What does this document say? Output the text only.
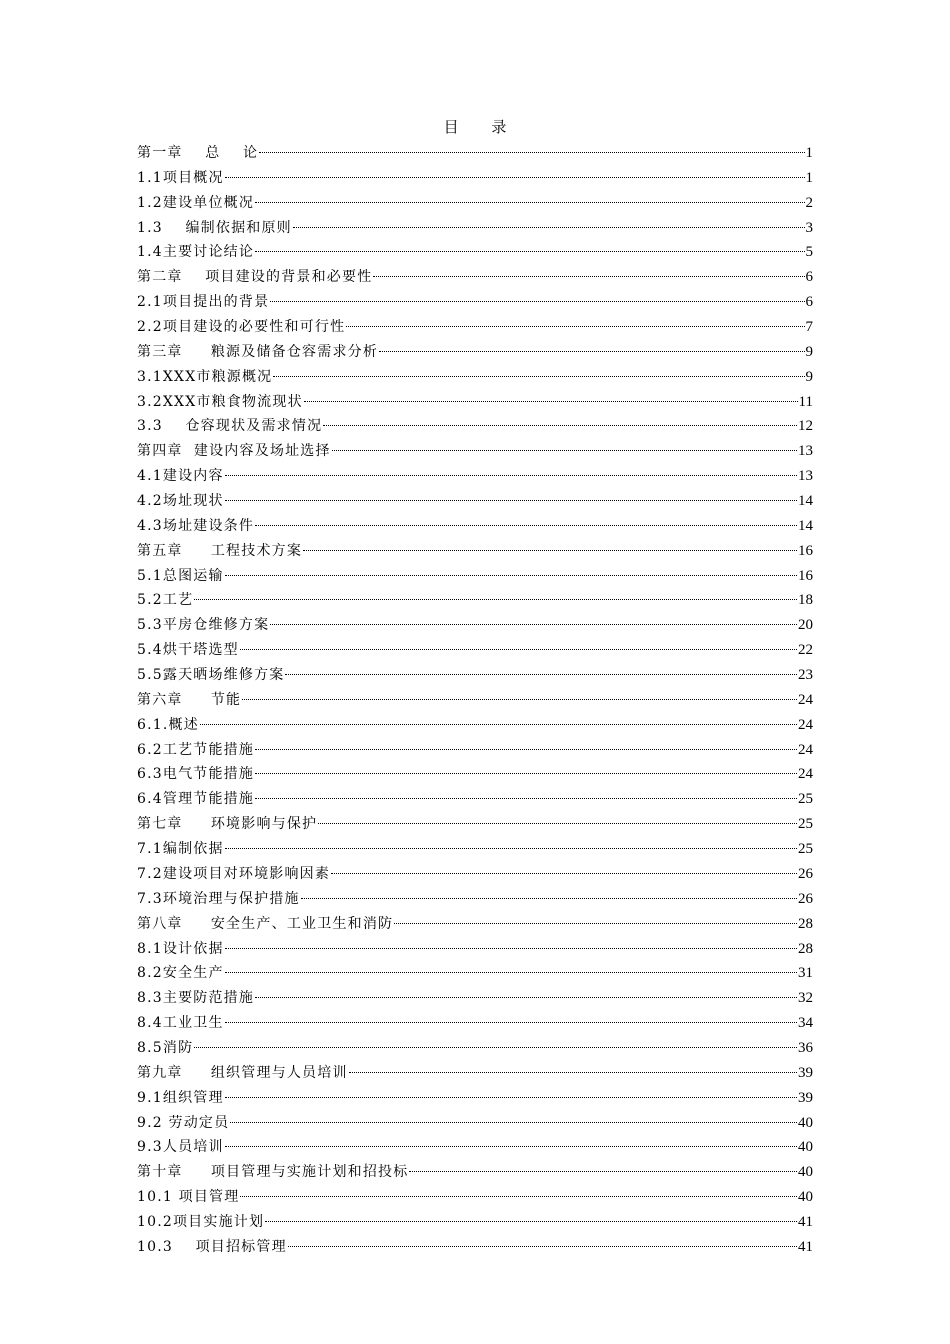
目 录
第一章    总    论	1
1.1项目概况	1
1.2建设单位概况	2
1.3    编制依据和原则	3
1.4主要讨论结论	5
第二章    项目建设的背景和必要性	6
2.1项目提出的背景	6
2.2项目建设的必要性和可行性	7
第三章     粮源及储备仓容需求分析	9
3.1XXX市粮源概况	9
3.2XXX市粮食物流现状	11
3.3    仓容现状及需求情况	12
第四章  建设内容及场址选择	13
4.1建设内容	13
4.2场址现状	14
4.3场址建设条件	14
第五章     工程技术方案	16
5.1总图运输	16
5.2工艺	18
5.3平房仓维修方案	20
5.4烘干塔选型	22
5.5露天晒场维修方案	23
第六章     节能	24
6.1.概述	24
6.2工艺节能措施	24
6.3电气节能措施	24
6.4管理节能措施	25
第七章     环境影响与保护	25
7.1编制依据	25
7.2建设项目对环境影响因素	26
7.3环境治理与保护措施	26
第八章     安全生产、工业卫生和消防	28
8.1设计依据	28
8.2安全生产	31
8.3主要防范措施	32
8.4工业卫生	34
8.5消防	36
第九章     组织管理与人员培训	39
9.1组织管理	39
9.2 劳动定员	40
9.3人员培训	40
第十章     项目管理与实施计划和招投标	40
10.1 项目管理	40
10.2项目实施计划	41
10.3    项目招标管理	41
